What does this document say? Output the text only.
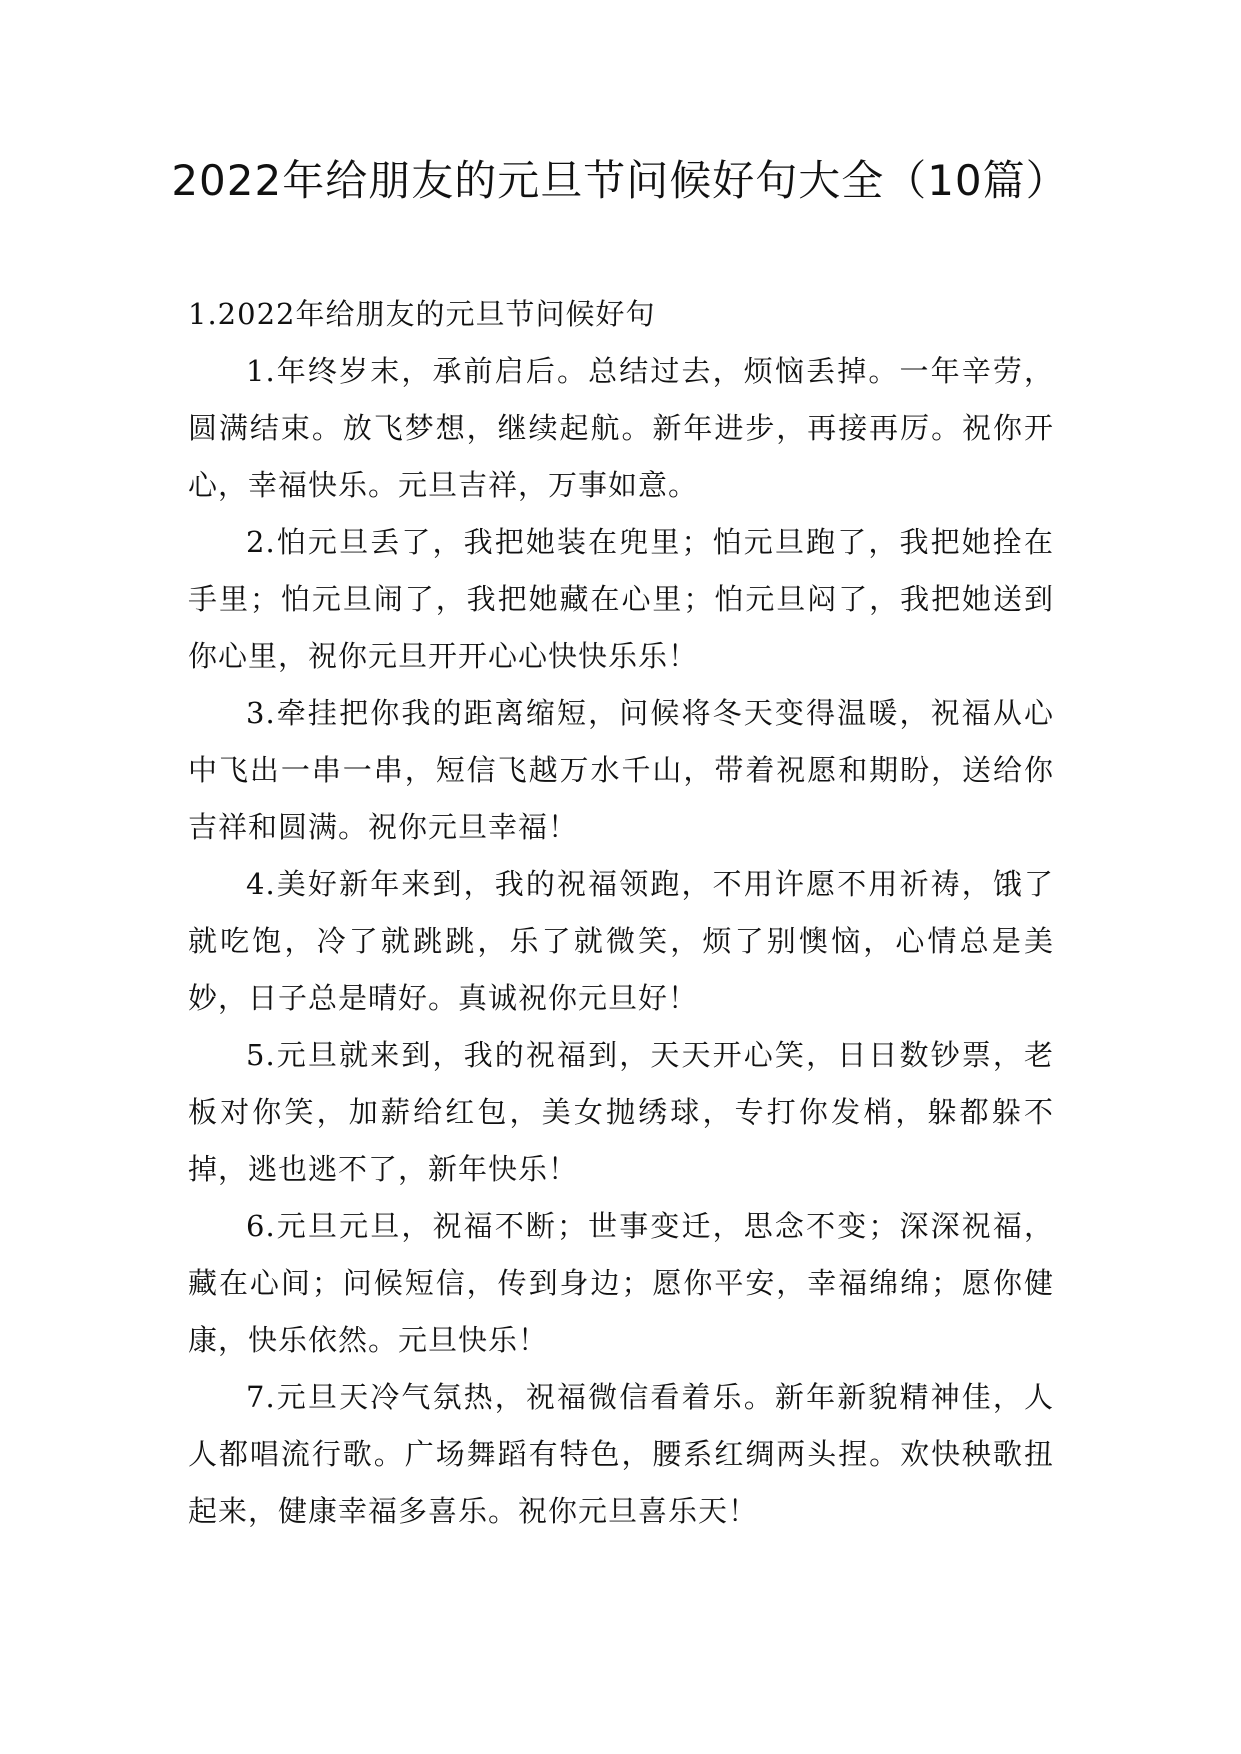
2022年给朋友的元旦节问候好句大全（10篇）

1.2022年给朋友的元旦节问候好句

1.年终岁末，承前启后。总结过去，烦恼丢掉。一年辛劳，圆满结束。放飞梦想，继续起航。新年进步，再接再厉。祝你开心，幸福快乐。元旦吉祥，万事如意。

2.怕元旦丢了，我把她装在兜里；怕元旦跑了，我把她拴在手里；怕元旦闹了，我把她藏在心里；怕元旦闷了，我把她送到你心里，祝你元旦开开心心快快乐乐！

3.牵挂把你我的距离缩短，问候将冬天变得温暖，祝福从心中飞出一串一串，短信飞越万水千山，带着祝愿和期盼，送给你吉祥和圆满。祝你元旦幸福！

4.美好新年来到，我的祝福领跑，不用许愿不用祈祷，饿了就吃饱，冷了就跳跳，乐了就微笑，烦了别懊恼，心情总是美妙，日子总是晴好。真诚祝你元旦好！

5.元旦就来到，我的祝福到，天天开心笑，日日数钞票，老板对你笑，加薪给红包，美女抛绣球，专打你发梢，躲都躲不掉，逃也逃不了，新年快乐！

6.元旦元旦，祝福不断；世事变迁，思念不变；深深祝福，藏在心间；问候短信，传到身边；愿你平安，幸福绵绵；愿你健康，快乐依然。元旦快乐！

7.元旦天冷气氛热，祝福微信看着乐。新年新貌精神佳，人人都唱流行歌。广场舞蹈有特色，腰系红绸两头捏。欢快秧歌扭起来，健康幸福多喜乐。祝你元旦喜乐天！
